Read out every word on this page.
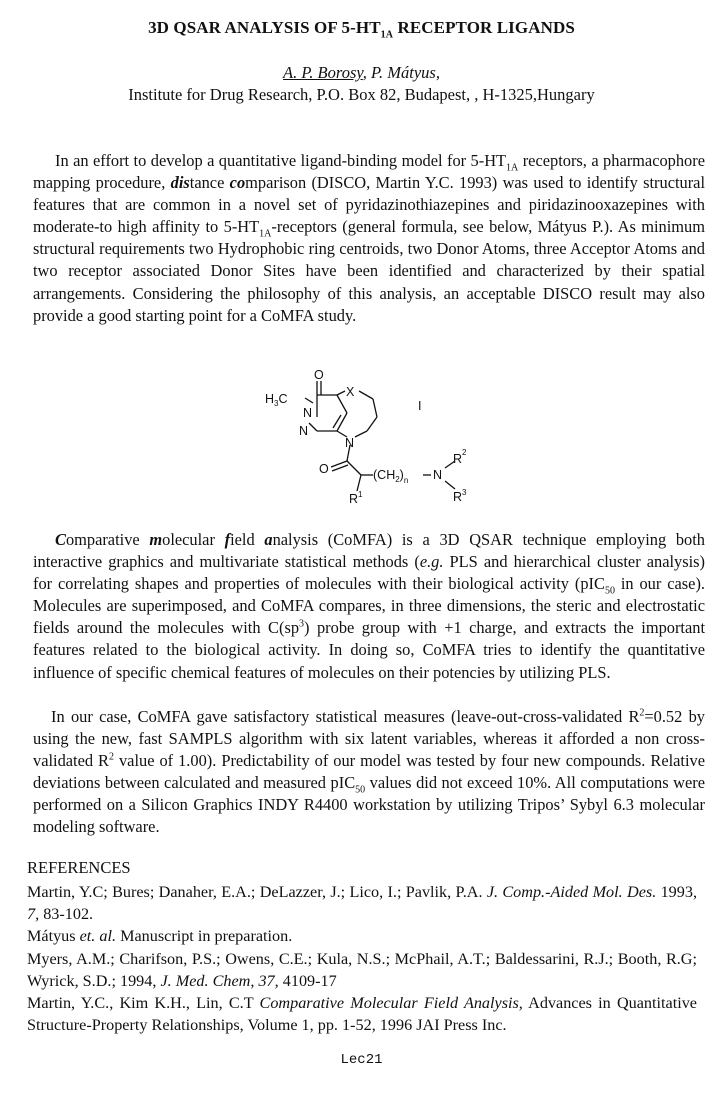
3D QSAR ANALYSIS OF $5-HT_{1A}$ RECEPTOR LIGANDS
A. P. Borosy, P. Mátyus,
Institute for Drug Research, P.O. Box 82, Budapest, , H-1325,Hungary

In an effort to develop a quantitative ligand-binding model for $5-HT_{1A}$ receptors, a pharmacophore mapping procedure, distance comparison (DISCO, Martin Y.C. 1993) was used to identify structural features that are common in a novel set of pyridazinothiazepines and piridazinooxazepines with moderate-to high affinity to $5-HT_{1A}$-receptors (general formula, see below, Mátyus P.). As minimum structural requirements two Hydrophobic ring centroids, two Donor Atoms, three Acceptor Atoms and two receptor associated Donor Sites have been identified and characterized by their spatial arrangements. Considering the philosophy of this analysis, an acceptable DISCO result may also provide a good starting point for a CoMFA study.

O
$H_3C$
N
N
X
N
O	$(CH_2)_n$ N
$R^1$
$R^2$
$R^3$
I

Comparative molecular field analysis (CoMFA) is a 3D QSAR technique employing both interactive graphics and multivariate statistical methods (e.g. PLS and hierarchical cluster analysis) for correlating shapes and properties of molecules with their biological activity (pIC$_{50}$ in our case). Molecules are superimposed, and CoMFA compares, in three dimensions, the steric and electrostatic fields around the molecules with $C(sp^3)$ probe group with +1 charge, and extracts the important features related to the biological activity. In doing so, CoMFA tries to identify the quantitative influence of specific chemical features of molecules on their potencies by utilizing PLS.

In our case, CoMFA gave satisfactory statistical measures (leave-out-cross-validated $R^2=0.52$ by using the new, fast SAMPLS algorithm with six latent variables, whereas it afforded a non cross-validated $R^2$ value of 1.00). Predictability of our model was tested by four new compounds. Relative deviations between calculated and measured pIC$_{50}$ values did not exceed 10%. All computations were performed on a Silicon Graphics INDY R4400 workstation by utilizing Tripos’ Sybyl 6.3 molecular modeling software.

REFERENCES
Martin, Y.C; Bures; Danaher, E.A.; DeLazzer, J.; Lico, I.; Pavlik, P.A. J. Comp.-Aided Mol. Des. 1993, 7, 83-102.
Mátyus et. al. Manuscript in preparation.
Myers, A.M.; Charifson, P.S.; Owens, C.E.; Kula, N.S.; McPhail, A.T.; Baldessarini, R.J.; Booth, R.G; Wyrick, S.D.; 1994, J. Med. Chem, 37, 4109-17
Martin, Y.C., Kim K.H., Lin, C.T Comparative Molecular Field Analysis, Advances in Quantitative Structure-Property Relationships, Volume 1, pp. 1-52, 1996 JAI Press Inc.
Lec21
